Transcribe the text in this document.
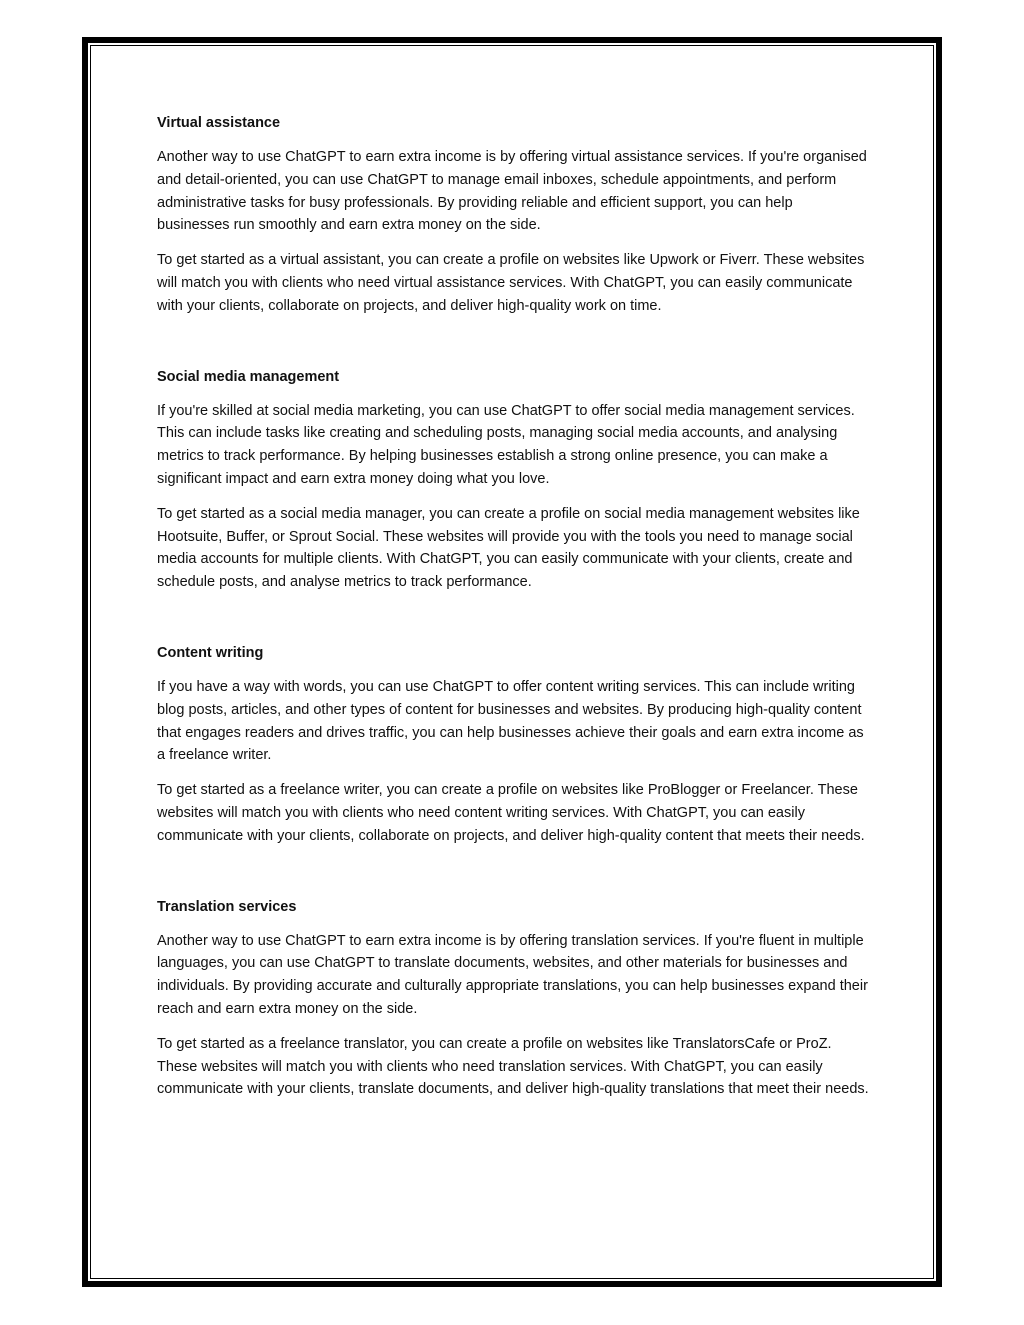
Virtual assistance

Another way to use ChatGPT to earn extra income is by offering virtual assistance services. If you're organised and detail-oriented, you can use ChatGPT to manage email inboxes, schedule appointments, and perform administrative tasks for busy professionals. By providing reliable and efficient support, you can help businesses run smoothly and earn extra money on the side.

To get started as a virtual assistant, you can create a profile on websites like Upwork or Fiverr. These websites will match you with clients who need virtual assistance services. With ChatGPT, you can easily communicate with your clients, collaborate on projects, and deliver high-quality work on time.

Social media management

If you're skilled at social media marketing, you can use ChatGPT to offer social media management services. This can include tasks like creating and scheduling posts, managing social media accounts, and analysing metrics to track performance. By helping businesses establish a strong online presence, you can make a significant impact and earn extra money doing what you love.

To get started as a social media manager, you can create a profile on social media management websites like Hootsuite, Buffer, or Sprout Social. These websites will provide you with the tools you need to manage social media accounts for multiple clients. With ChatGPT, you can easily communicate with your clients, create and schedule posts, and analyse metrics to track performance.

Content writing

If you have a way with words, you can use ChatGPT to offer content writing services. This can include writing blog posts, articles, and other types of content for businesses and websites. By producing high-quality content that engages readers and drives traffic, you can help businesses achieve their goals and earn extra income as a freelance writer.

To get started as a freelance writer, you can create a profile on websites like ProBlogger or Freelancer. These websites will match you with clients who need content writing services. With ChatGPT, you can easily communicate with your clients, collaborate on projects, and deliver high-quality content that meets their needs.

Translation services

Another way to use ChatGPT to earn extra income is by offering translation services. If you're fluent in multiple languages, you can use ChatGPT to translate documents, websites, and other materials for businesses and individuals. By providing accurate and culturally appropriate translations, you can help businesses expand their reach and earn extra money on the side.

To get started as a freelance translator, you can create a profile on websites like TranslatorsCafe or ProZ. These websites will match you with clients who need translation services. With ChatGPT, you can easily communicate with your clients, translate documents, and deliver high-quality translations that meet their needs.
